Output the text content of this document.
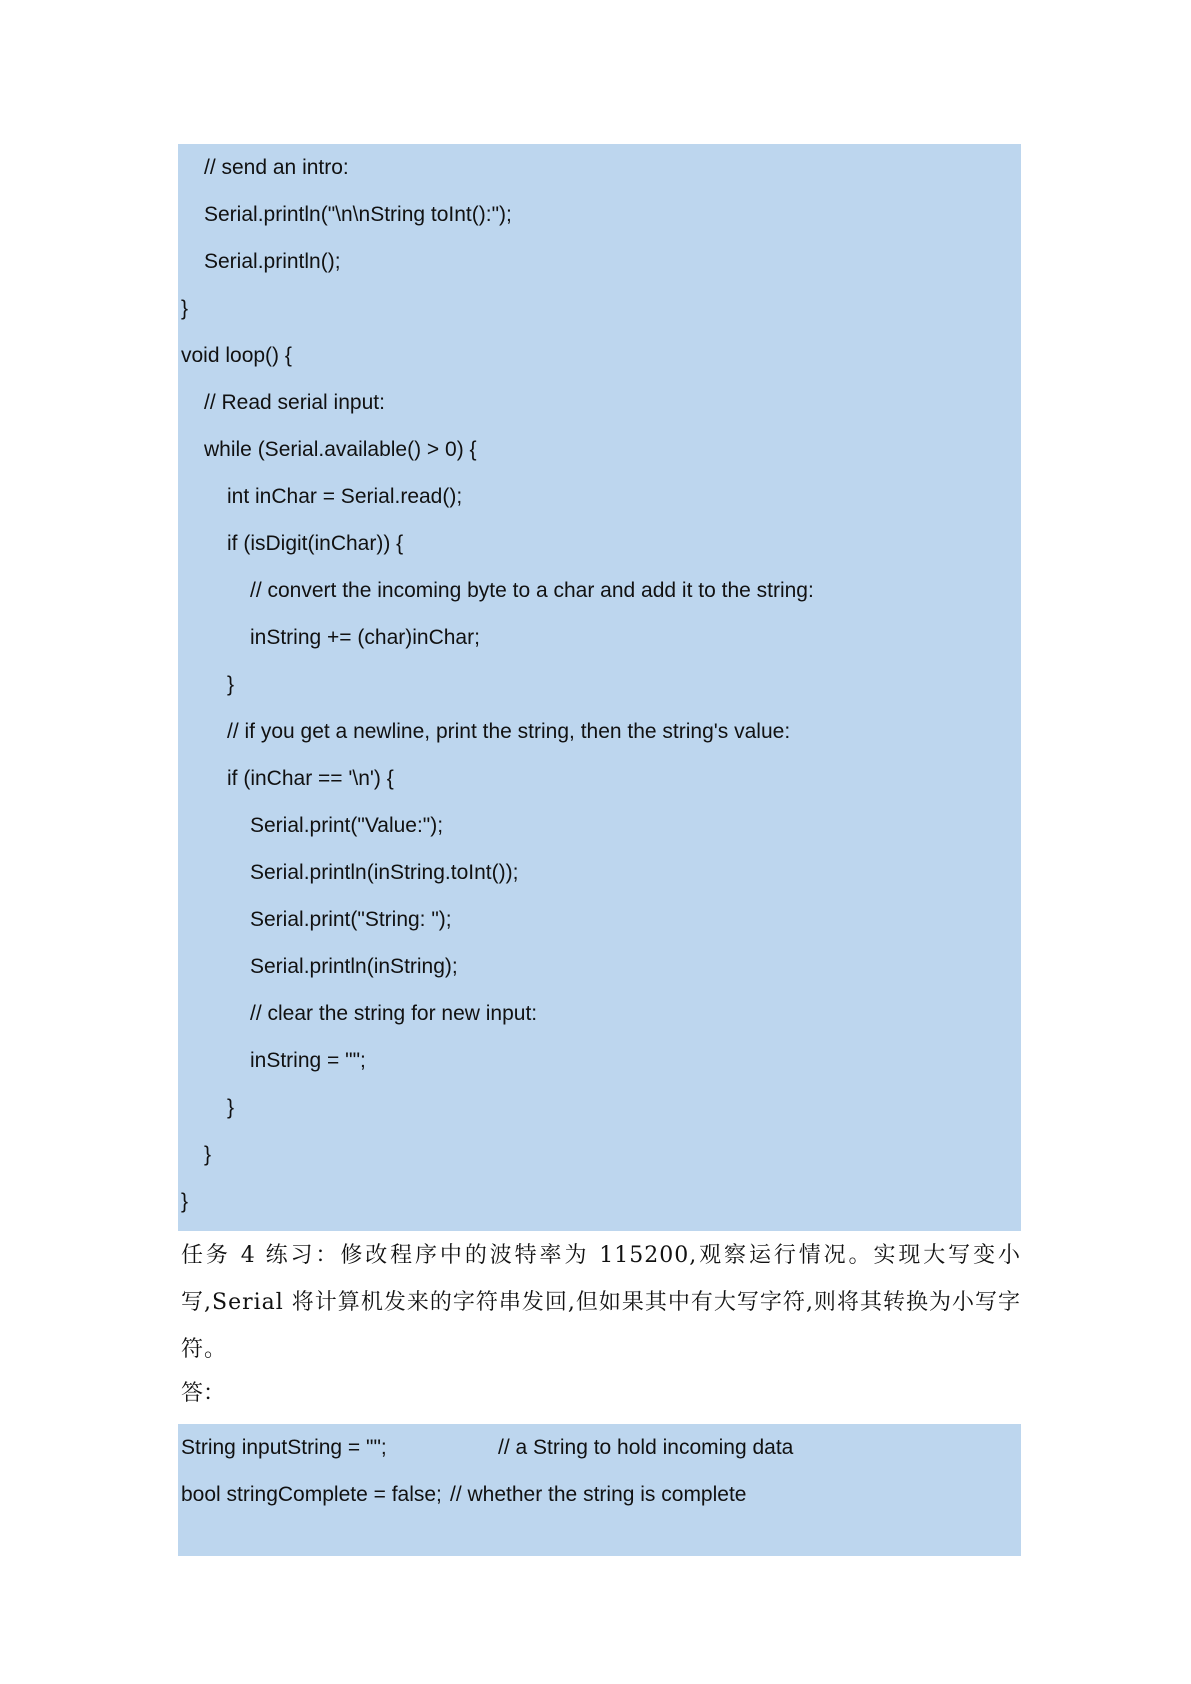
// send an intro:
Serial.println("\n\nString toInt():");
Serial.println();
}
void loop() {
// Read serial input:
while (Serial.available() > 0) {
int inChar = Serial.read();
if (isDigit(inChar)) {
// convert the incoming byte to a char and add it to the string:
inString += (char)inChar;
}
// if you get a newline, print the string, then the string's value:
if (inChar == '\n') {
Serial.print("Value:");
Serial.println(inString.toInt());
Serial.print("String: ");
Serial.println(inString);
// clear the string for new input:
inString = "";
}
}
}
任务 4 练习：修改程序中的波特率为 115200,观察运行情况。实现大写变小写,Serial 将计算机发来的字符串发回,但如果其中有大写字符,则将其转换为小写字符。
答：
String inputString = "";	// a String to hold incoming data
bool stringComplete = false; // whether the string is complete
